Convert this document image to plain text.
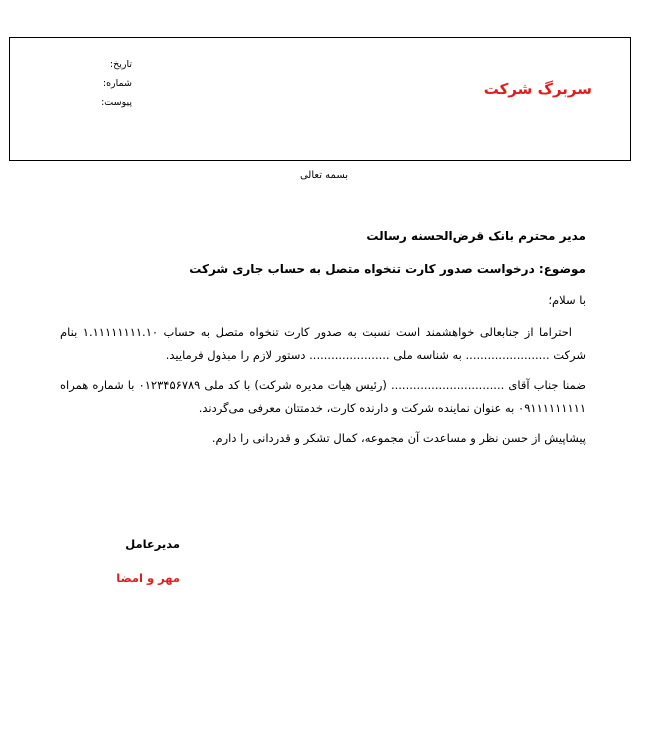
سربرگ شرکت
تاریخ:
شماره:
پیوست:
بسمه تعالی
مدیر محترم بانک قرض‌الحسنه رسالت
موضوع: درخواست صدور کارت تنخواه متصل به حساب جاری شرکت
با سلام؛

احتراما از جنابعالی خواهشمند است نسبت به صدور کارت تنخواه متصل به حساب ۱.۱۱۱۱۱۱۱۱.۱۰ بنام شرکت ....................... به شناسه ملی ...................... دستور لازم را مبذول فرمایید.

ضمنا جناب آقای ............................... (رئیس هیات مدیره شرکت) با کد ملی ۰۱۲۳۴۵۶۷۸۹ با شماره همراه ۰۹۱۱۱۱۱۱۱۱۱ به عنوان نماینده شرکت و دارنده کارت، خدمتتان معرفی می‌گردند.

پیشاپیش از حسن نظر و مساعدت آن مجموعه، کمال تشکر و قدردانی را دارم.

مدیرعامل
مهر و امضا
